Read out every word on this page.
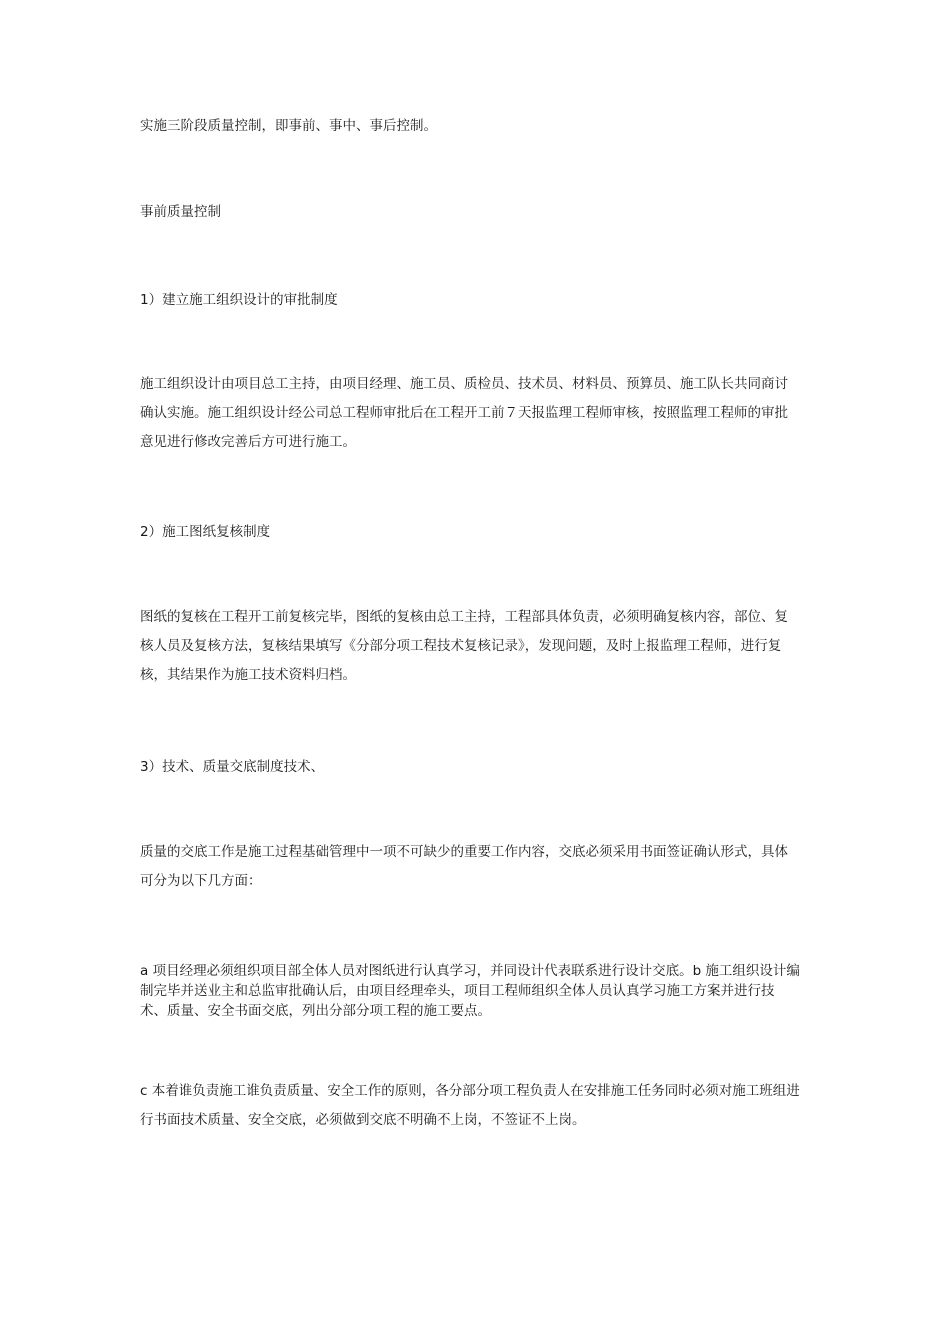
实施三阶段质量控制，即事前、事中、事后控制。

事前质量控制

1）建立施工组织设计的审批制度

施工组织设计由项目总工主持，由项目经理、施工员、质检员、技术员、材料员、预算员、施工队长共同商讨确认实施。施工组织设计经公司总工程师审批后在工程开工前７天报监理工程师审核，按照监理工程师的审批意见进行修改完善后方可进行施工。

2）施工图纸复核制度

图纸的复核在工程开工前复核完毕，图纸的复核由总工主持，工程部具体负责，必须明确复核内容，部位、复核人员及复核方法，复核结果填写《分部分项工程技术复核记录》，发现问题，及时上报监理工程师，进行复核，其结果作为施工技术资料归档。

3）技术、质量交底制度技术、

质量的交底工作是施工过程基础管理中一项不可缺少的重要工作内容，交底必须采用书面签证确认形式，具体可分为以下几方面：

a 项目经理必须组织项目部全体人员对图纸进行认真学习，并同设计代表联系进行设计交底。b 施工组织设计编制完毕并送业主和总监审批确认后，由项目经理牵头，项目工程师组织全体人员认真学习施工方案并进行技术、质量、安全书面交底，列出分部分项工程的施工要点。

c 本着谁负责施工谁负责质量、安全工作的原则，各分部分项工程负责人在安排施工任务同时必须对施工班组进行书面技术质量、安全交底，必须做到交底不明确不上岗，不签证不上岗。
